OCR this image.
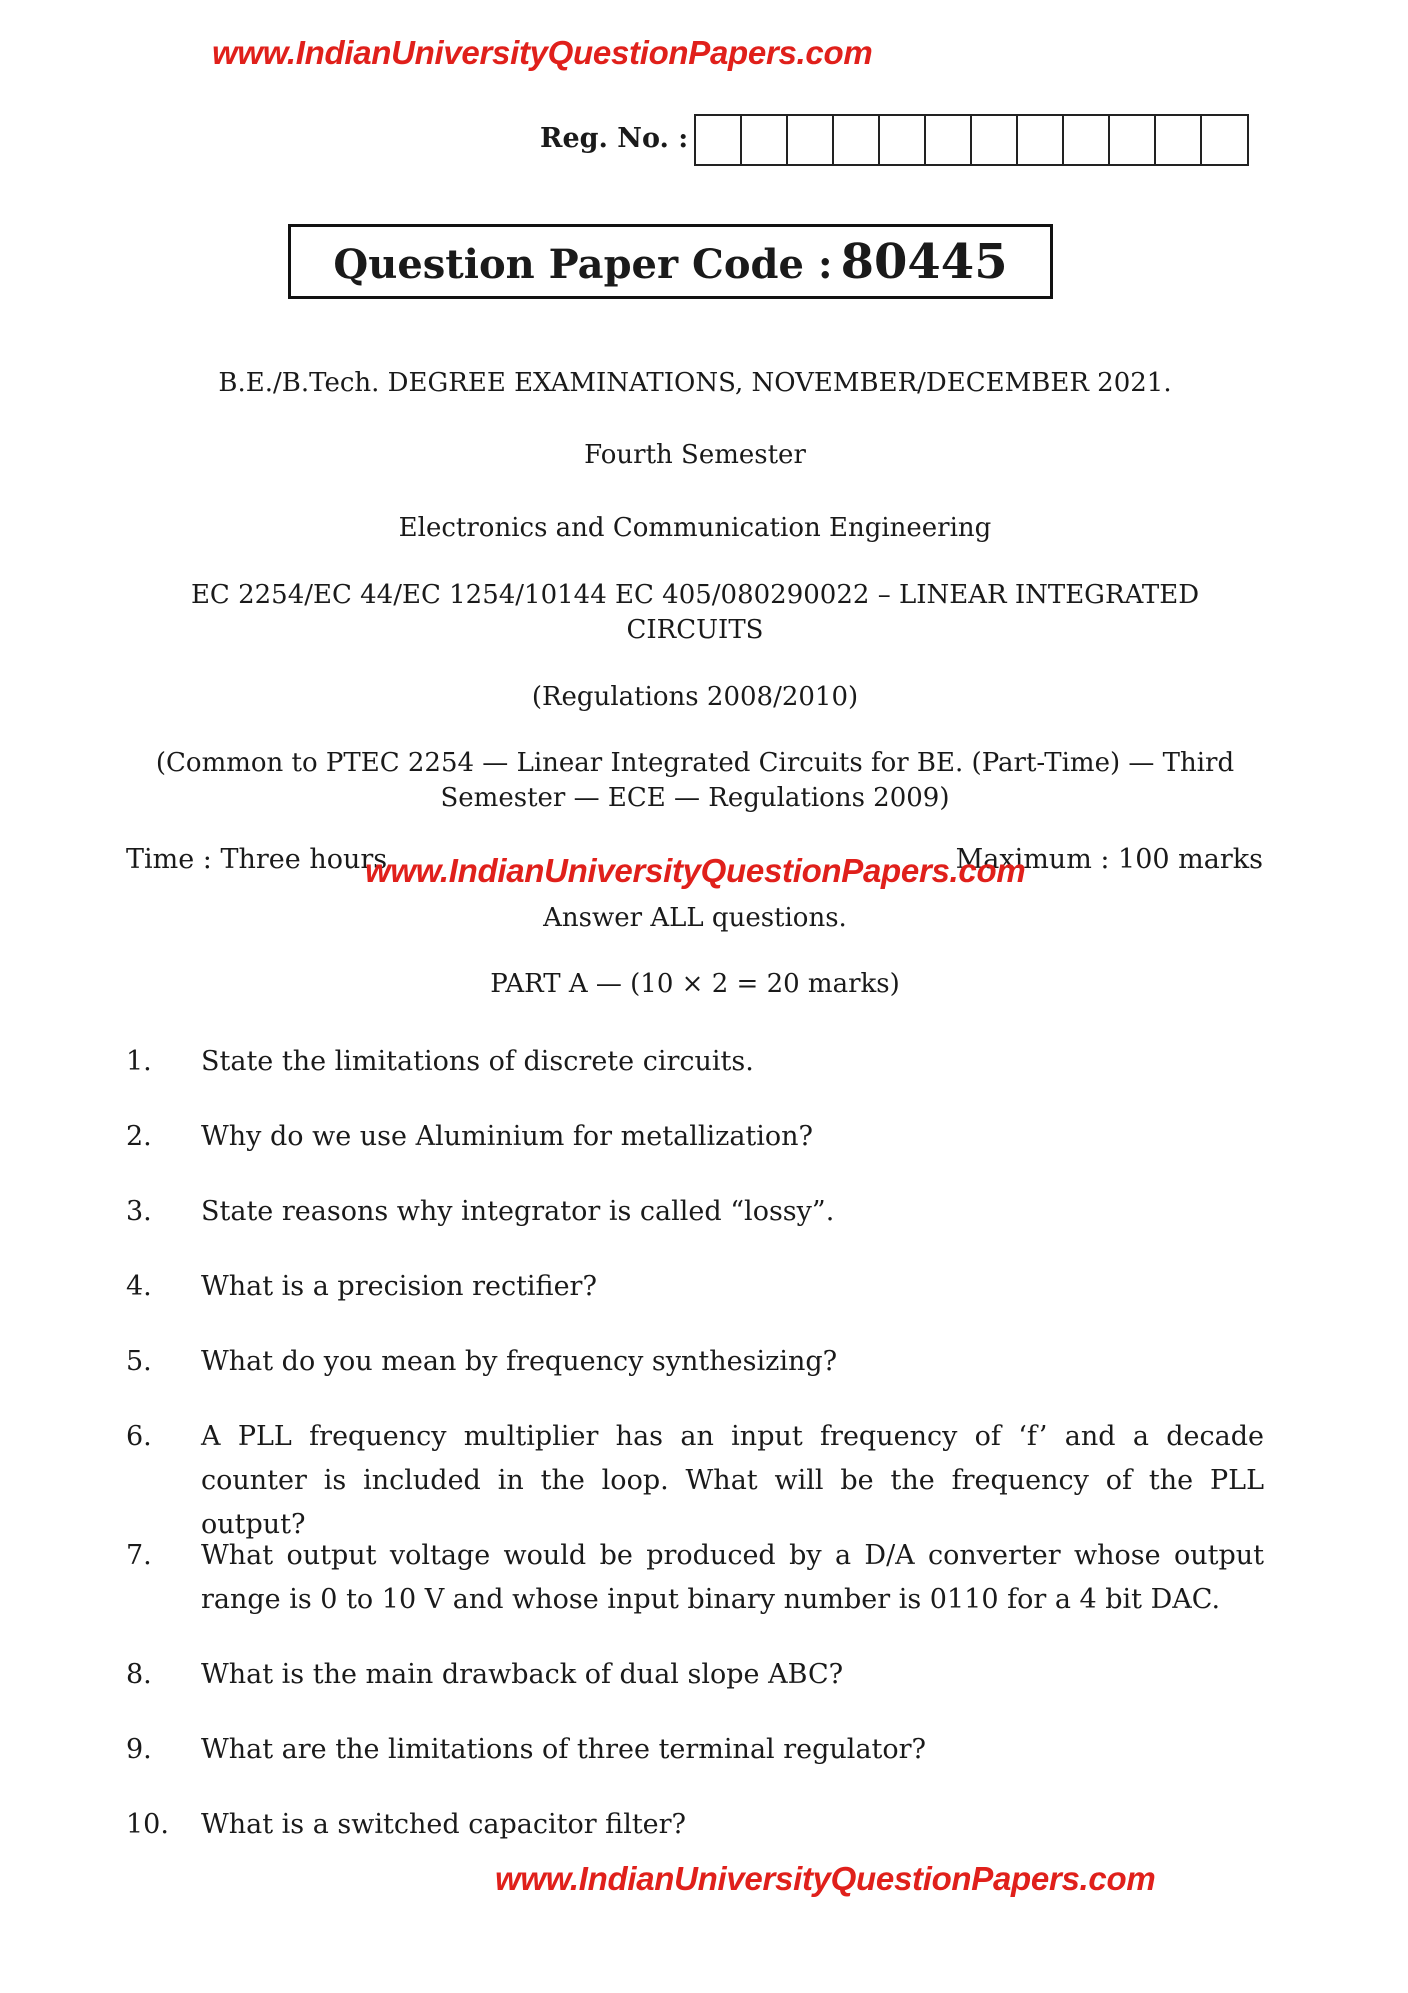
www.IndianUniversityQuestionPapers.com
Reg. No. :
Question Paper Code : 80445
B.E./B.Tech. DEGREE EXAMINATIONS, NOVEMBER/DECEMBER 2021.
Fourth Semester
Electronics and Communication Engineering
EC 2254/EC 44/EC 1254/10144 EC 405/080290022 – LINEAR INTEGRATED
CIRCUITS
(Regulations 2008/2010)
(Common to PTEC 2254 — Linear Integrated Circuits for BE. (Part-Time) — Third
Semester — ECE — Regulations 2009)
Time : Three hours	Maximum : 100 marks
www.IndianUniversityQuestionPapers.com
Answer ALL questions.
PART A — (10 × 2 = 20 marks)
1. State the limitations of discrete circuits.
2. Why do we use Aluminium for metallization?
3. State reasons why integrator is called “lossy”.
4. What is a precision rectifier?
5. What do you mean by frequency synthesizing?
6. A PLL frequency multiplier has an input frequency of ‘f’ and a decade counter is included in the loop. What will be the frequency of the PLL output?
7. What output voltage would be produced by a D/A converter whose output range is 0 to 10 V and whose input binary number is 0110 for a 4 bit DAC.
8. What is the main drawback of dual slope ABC?
9. What are the limitations of three terminal regulator?
10. What is a switched capacitor filter?
www.IndianUniversityQuestionPapers.com
